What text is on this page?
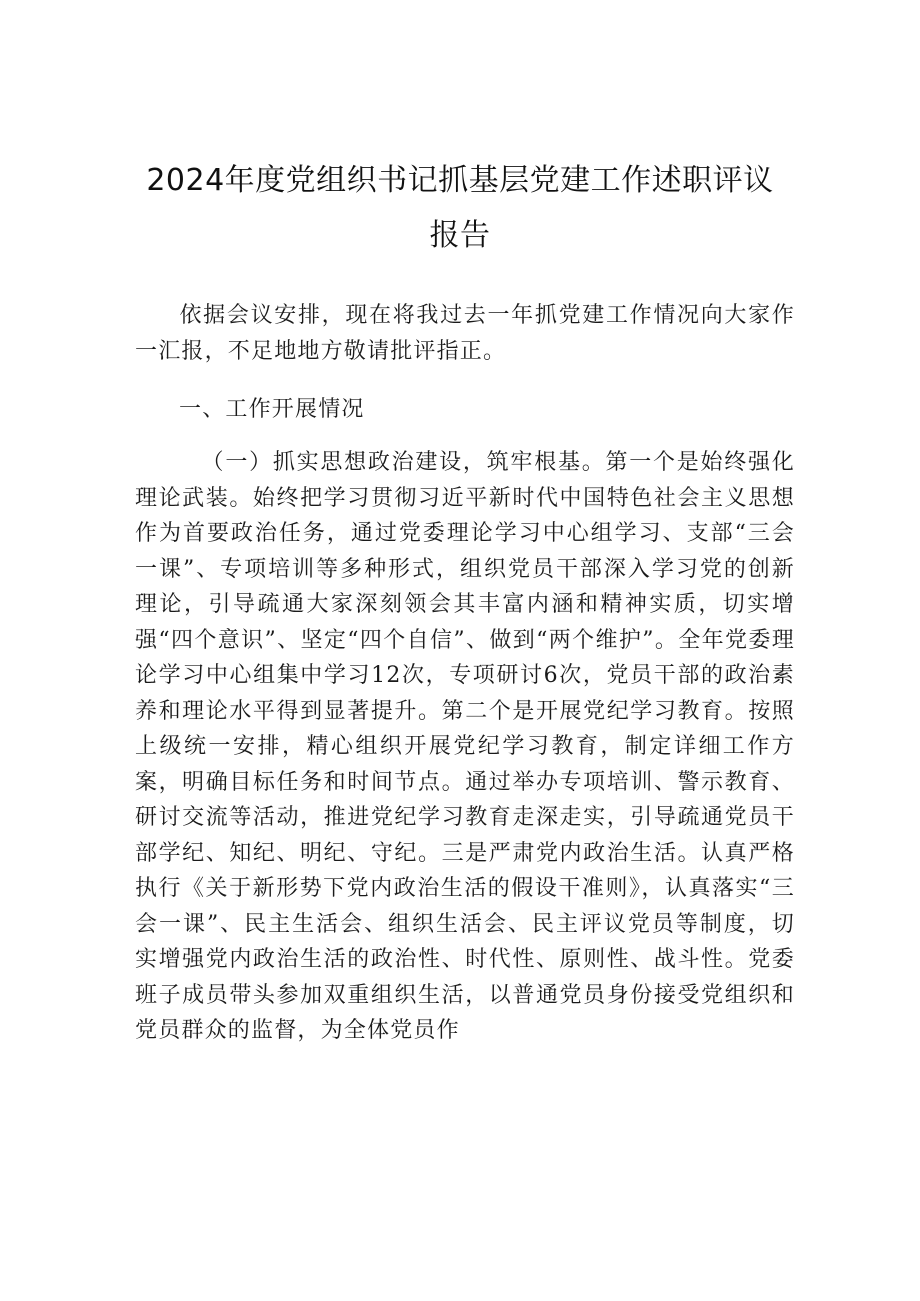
2024年度党组织书记抓基层党建工作述职评议
报告

依据会议安排，现在将我过去一年抓党建工作情况向大家作一汇报，不足地地方敬请批评指正。

一、工作开展情况

（一）抓实思想政治建设，筑牢根基。第一个是始终强化理论武装。始终把学习贯彻习近平新时代中国特色社会主义思想作为首要政治任务，通过党委理论学习中心组学习、支部“三会一课”、专项培训等多种形式，组织党员干部深入学习党的创新理论，引导疏通大家深刻领会其丰富内涵和精神实质，切实增强“四个意识”、坚定“四个自信”、做到“两个维护”。全年党委理论学习中心组集中学习12次，专项研讨6次，党员干部的政治素养和理论水平得到显著提升。第二个是开展党纪学习教育。按照上级统一安排，精心组织开展党纪学习教育，制定详细工作方案，明确目标任务和时间节点。通过举办专项培训、警示教育、研讨交流等活动，推进党纪学习教育走深走实，引导疏通党员干部学纪、知纪、明纪、守纪。三是严肃党内政治生活。认真严格执行《关于新形势下党内政治生活的假设干准则》，认真落实“三会一课”、民主生活会、组织生活会、民主评议党员等制度，切实增强党内政治生活的政治性、时代性、原则性、战斗性。党委班子成员带头参加双重组织生活，以普通党员身份接受党组织和党员群众的监督，为全体党员作
